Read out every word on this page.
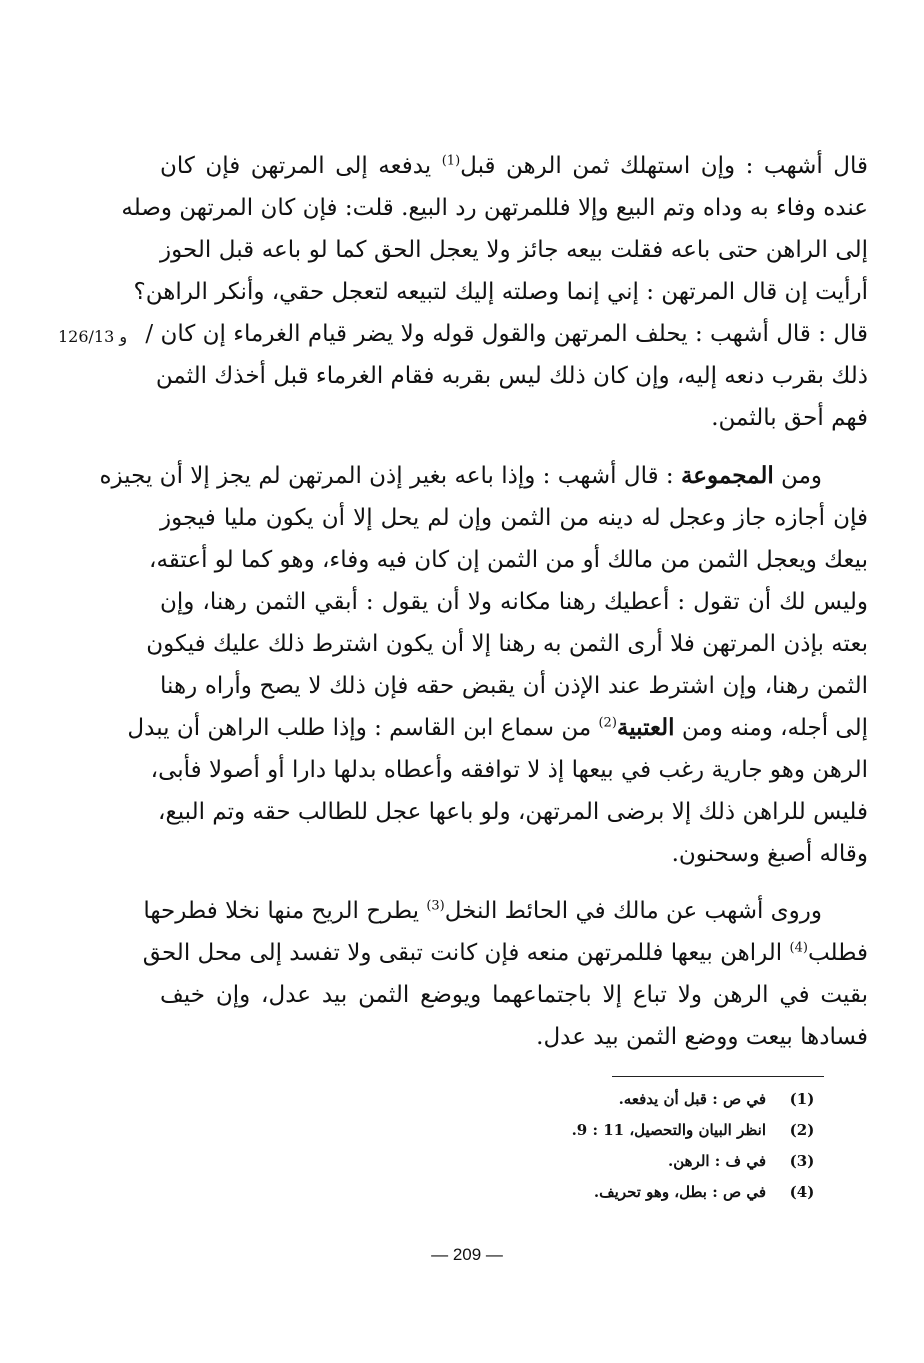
126/13 و
قال أشهب : وإن استهلك ثمن الرهن قبل$^{(1)}$ يدفعه إلى المرتهن فإن كان
عنده وفاء به وداه وتم البيع وإلا فللمرتهن رد البيع. قلت: فإن كان المرتهن وصله
إلى الراهن حتى باعه فقلت بيعه جائز ولا يعجل الحق كما لو باعه قبل الحوز
أرأيت إن قال المرتهن : إني إنما وصلته إليك لتبيعه لتعجل حقي، وأنكر الراهن؟
قال : قال أشهب : يحلف المرتهن والقول قوله ولا يضر قيام الغرماء إن كان /
ذلك بقرب دنعه إليه، وإن كان ذلك ليس بقربه فقام الغرماء قبل أخذك الثمن
فهم أحق بالثمن.
  ومن المجموعة : قال أشهب : وإذا باعه بغير إذن المرتهن لم يجز إلا أن يجيزه
فإن أجازه جاز وعجل له دينه من الثمن وإن لم يحل إلا أن يكون مليا فيجوز
بيعك ويعجل الثمن من مالك أو من الثمن إن كان فيه وفاء، وهو كما لو أعتقه،
وليس لك أن تقول : أعطيك رهنا مكانه ولا أن يقول : أبقي الثمن رهنا، وإن
بعته بإذن المرتهن فلا أرى الثمن به رهنا إلا أن يكون اشترط ذلك عليك فيكون
الثمن رهنا، وإن اشترط عند الإذن أن يقبض حقه فإن ذلك لا يصح وأراه رهنا
إلى أجله، ومنه ومن العتبية$^{(2)}$ من سماع ابن القاسم : وإذا طلب الراهن أن يبدل
الرهن وهو جارية رغب في بيعها إذ لا توافقه وأعطاه بدلها دارا أو أصولا فأبى،
فليس للراهن ذلك إلا برضى المرتهن، ولو باعها عجل للطالب حقه وتم البيع،
وقاله أصبغ وسحنون.
  وروى أشهب عن مالك في الحائط النخل$^{(3)}$ يطرح الريح منها نخلا فطرحها
فطلب$^{(4)}$ الراهن بيعها فللمرتهن منعه فإن كانت تبقى ولا تفسد إلى محل الحق
بقيت في الرهن ولا تباع إلا باجتماعهما ويوضع الثمن بيد عدل، وإن خيف
فسادها بيعت ووضع الثمن بيد عدل.
(1)
في ص : قبل أن يدفعه.
(2)
انظر البيان والتحصيل، 11 : 9.
(3)
في ف : الرهن.
(4)
في ص : بطل، وهو تحريف.
— 209 —
